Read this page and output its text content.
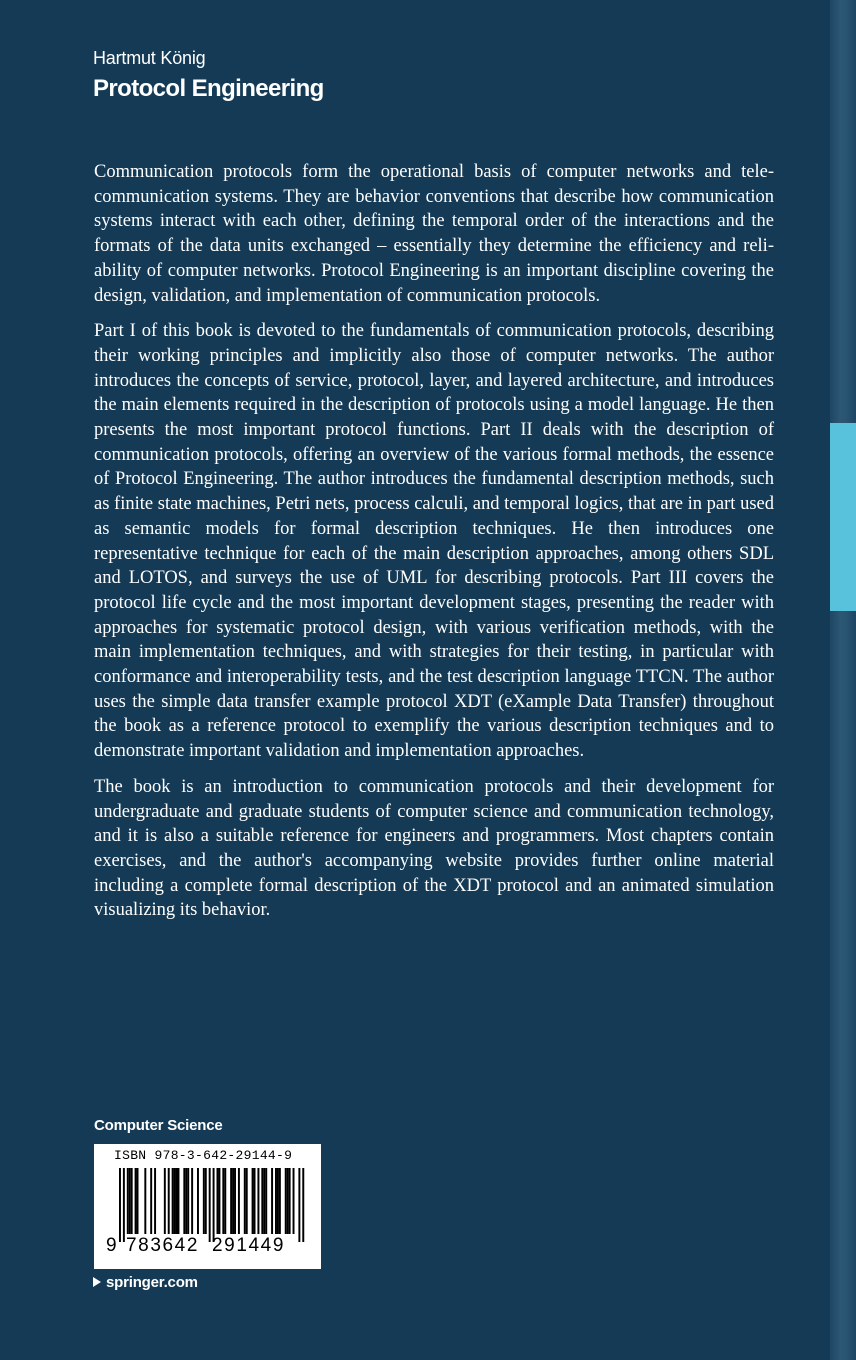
Hartmut König
Protocol Engineering

Communication protocols form the operational basis of computer networks and telecommunication systems. They are behavior conventions that describe how communication systems interact with each other, defining the temporal order of the interactions and the formats of the data units exchanged – essentially they determine the efficiency and reliability of computer networks. Protocol Engineering is an important discipline covering the design, validation, and implementation of communication protocols.

Part I of this book is devoted to the fundamentals of communication protocols, describing their working principles and implicitly also those of computer networks. The author introduces the concepts of service, protocol, layer, and layered architecture, and introduces the main elements required in the description of protocols using a model language. He then presents the most important protocol functions. Part II deals with the description of communication protocols, offering an overview of the various formal methods, the essence of Protocol Engineering. The author introduces the fundamental description methods, such as finite state machines, Petri nets, process calculi, and temporal logics, that are in part used as semantic models for formal description techniques. He then introduces one representative technique for each of the main description approaches, among others SDL and LOTOS, and surveys the use of UML for describing protocols. Part III covers the protocol life cycle and the most important development stages, presenting the reader with approaches for systematic protocol design, with various verification methods, with the main implementation techniques, and with strategies for their testing, in particular with conformance and interoperability tests, and the test description language TTCN. The author uses the simple data transfer example protocol XDT (eXample Data Transfer) throughout the book as a reference protocol to exemplify the various description techniques and to demonstrate important validation and implementation approaches.

The book is an introduction to communication protocols and their development for undergraduate and graduate students of computer science and communication technology, and it is also a suitable reference for engineers and programmers. Most chapters contain exercises, and the author's accompanying website provides further online material including a complete formal description of the XDT protocol and an animated simulation visualizing its behavior.

Computer Science
ISBN 978-3-642-29144-9
9 783642 291449
springer.com
